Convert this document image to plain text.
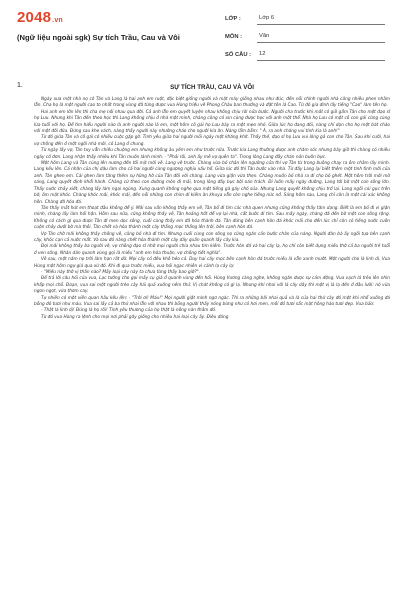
2048.vn
(Ngữ liệu ngoài sgk) Sự tích Trầu, Cau và Vôi
LỚP :	Lớp 6
MÔN :	Văn
SỐ CÂU :	12
1.	SỰ TÍCH TRẦU, CAU VÀ VÔI

Ngày xưa một nhà nọ có Tân và Lang là hai anh em ruột, đặc biệt giống người và mặt mày giống nhau như đúc, đến nỗi chính người nhà cũng nhiều phen nhầm lẫn. Cha họ là một người cao to nhất trong vùng đã từng được vua Hùng triệu về Phong Châu ban thưởng và đặt tên là Cao. Từ đó gia đình lấy tiếng "Cao" làm tên họ.

Hai anh em lớn lên thì cha mẹ nối nhau qua đời. Cả anh lẫn em quyết luyện nhau không chịu rời nửa bước. Người cha trước khi mất có gửi gắm Tân cho một đạo sĩ họ Lưu. Nhưng khi Tân đến theo học thì Lang không chịu ở nhà một mình, chàng cũng có xin cùng được học với anh một thể. Nhà họ Lưu có một cô con gái cũng cùng lứa tuổi với họ. Để tìm hiểu người nào là anh người nào là em, một hôm cô gái họ Lưu bày ra một mẹo nhỏ. Giữa lúc họ đang đói, nàng chỉ dọn cho họ một bát cháo với một đôi đũa. Đứng sau khe vách, nàng thấy người này nhường cháo cho người kia ăn. Nàng lẩm bẩm: " À, ra anh chàng vui tính kia là anh!"

Từ đó giữa Tân và cô gái có nhiều cuộc gặp gỡ. Tình yêu giữa hai người mỗi ngày một khăng khít. Thấy thế, đạo sĩ họ Lưu vui lòng gả con cho Tân. Sau khi cưới, hai vợ chồng đến ở một ngôi nhà mới, có Lang ở chung.

Từ ngày lấy vợ, Tân tuy vẫn chiều chuộng em nhưng không âu yếm em như trước nữa. Trước kia Lang thường được anh chăm sóc nhưng bây giờ thì chàng có nhiều ngày cô đơn. Lang nhận thấy nhiều khi Tân muốn lánh mình. - "Phải rồi, anh ấy mê vợ quên ta". Trong lòng Lang đầy chán nản buồn bực.

Một hôm Lang và Tân cùng lên nương đến tối mịt mới về. Lang về trước. Chàng vừa bỏ chân lên ngưỡng cửa thì vợ Tân từ trong buồng chạy ra ôm chầm lấy mình. Lang kêu lên. Cả nhăn của chị dâu làm cho cả hai người cùng ngượng nghịu xấu hổ. Giữa lúc đó thì Tân bước vào nhà. Từ đấy Lang lại biết thêm một tính tình mới của anh. Tân ghen em. Cái ghen làm tăng thêm sự hững hờ của Tân đối với chàng. Lang vừa giận vừa thẹn. Chàng muốn bỏ nhà ra đi cho bõ ghét. Một hôm trời mới mờ sáng, Lang quyết định khởi hành. Chàng cứ theo con đường mòn đi mãi, trong lòng đầy bực bội oán trách. Đi luôn mấy ngày đường, Lang tới bờ một con sông lớn. Thấy nước chảy xiết, chàng lấy làm ngại ngùng. Xung quanh không nghe qua một tiếng gà gáy chó sủa. Nhưng Lang quyết không chịu trở lại. Lang ngồi cúi gục trên bờ, ôm mặt khóc. Chàng khóc mãi, khóc mãi, đến nỗi những con chim đi kiếm ăn khuya vẫn còn nghe tiếng nức nở. Sáng hôm sau, Lang chỉ còn là một cái xác không hồn. Chàng đã hóa đá.

Tân thấy mất hút em thoạt đầu không để ý. Mãi sau vắn không thấy em về, Tân bổ đi tìm các nhà quen nhưng cũng không thấy tăm dạng. Biết là em bỏ đi vì giận mình, chàng lấy làm hối hận. Hôm sau nữa, cũng không thấy về, Tân hoảng hốt để vợ lại nhà, cất bước đi tìm. Sau mấy ngày, chàng đã đến bờ một con sông rộng. Không có cách gì qua được Tân đi men dọc sông, cuối cùng thấy em đã hóa thành đá. Tân đứng bên cạnh hòn đá khóc mãi cho đến lúc chỉ còn có tiếng nước cuồn cuộn chảy dưới bờ mà thôi. Tân chết và hóa thành một cây thẳng mọc thẳng lên trời, bên cạnh hòn đá.

Vợ Tân chờ mãi không thấy chồng về, cũng bỏ nhà đi tìm. Nhưng cuối cùng con sông nọ cũng ngăn cản bước chân của nàng. Người đàn bà ấy ngồi tựa bên cạnh cây, khóc cạn cả nước mắt. Và sau đó nàng chết hóa thành một cây dây quấn quanh lấy cây kia.

Đợi mãi không thấy ba người về, vợ chồng đạo sĩ nhờ mọi người chia nhau tìm kiếm. Trước hòn đá và hai cây lạ, họ chỉ còn biết dựng miếu thờ cả ba người trẻ tuổi ở ven sông. Nhân dân quanh vùng gọi là miếu "anh em hòa thuận, vợ chồng tiết nghĩa".

Về sau, một năm nọ trời làm hạn rất dữ. Mọi cây cỏ đều khô héo cả. Duy hai cây mọc bên cạnh hòn đá trước miếu là vẫn xanh mướt. Một người cho là linh dị. Vua Hùng một hôm ngự giá qua xứ đó. Khi đi qua trước miếu, vua hỏi ngạc nhiên vì cảnh lạ cây lạ:

- "Miếu này thờ vị thần nào? Mấy loại cây này ta chưa từng thấy bao giờ?".

Để trả lời câu hỏi của vua, Lạc tướng cho gọi mấy cụ già ở quanh vùng đến hỏi. Hùng Vương càng nghe, không ngăn được sự cảm động. Vua vạch lá trèo lên nhìn khắp mọi chỗ. Đoạn, vua sai một người trèo cây hái quả xuống nếm thử. Vị chát không có gì lạ. Nhưng khi nhai với lá cây dây thì một vị là lạ đến ở đầu lưỡi: nó vừa ngon ngọt, vừa thơm cay.

Tự nhiên có một viên quan hầu kêu lên: - "Trời ơi! Máu!" Mọi người giật mình ngơ ngác. Thì ra những bãi nhai quả và lá của hai thứ cây đó một khi nhổ xuống đá bỗng đỏ tươi như máu. Vua sai lấy cả ba thứ nhai lẫn với nhau thì bỗng người thấy nóng bừng như có hơi men, môi đỏ tươi sắc mặt hồng hào tươi đẹp. Vua bảo:

- Thật là linh dị! Đúng là họ rồi! Tình yêu thương của họ thật là nồng nàn thắm đỏ.

Từ đó vua Hùng ra lệnh cho mọi nơi phải gây giống cho nhiều hai loại cây ấy. Điều đáng
